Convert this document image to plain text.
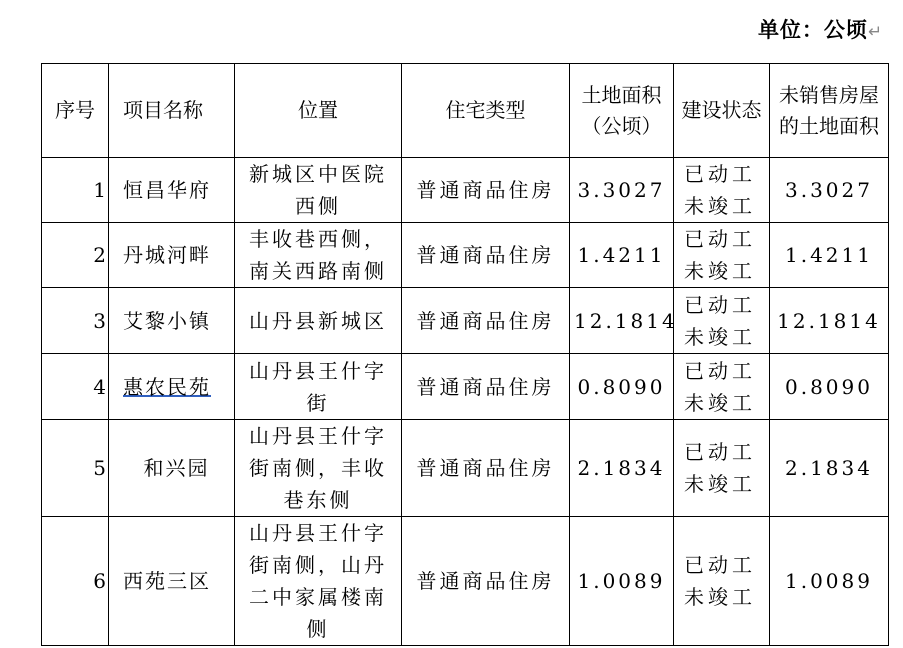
单位：公顷↵
序号	项目名称	位置	住宅类型	土地面积（公顷）	建设状态	未销售房屋的土地面积
1	恒昌华府	新城区中医院西侧	普通商品住房	3.3027	已动工未竣工	3.3027
2	丹城河畔	丰收巷西侧，南关西路南侧	普通商品住房	1.4211	已动工未竣工	1.4211
3	艾黎小镇	山丹县新城区	普通商品住房	12.1814	已动工未竣工	12.1814
4	惠农民苑	山丹县王什字街	普通商品住房	0.8090	已动工未竣工	0.8090
5	和兴园	山丹县王什字街南侧，丰收巷东侧	普通商品住房	2.1834	已动工未竣工	2.1834
6	西苑三区	山丹县王什字街南侧，山丹二中家属楼南侧	普通商品住房	1.0089	已动工未竣工	1.0089
